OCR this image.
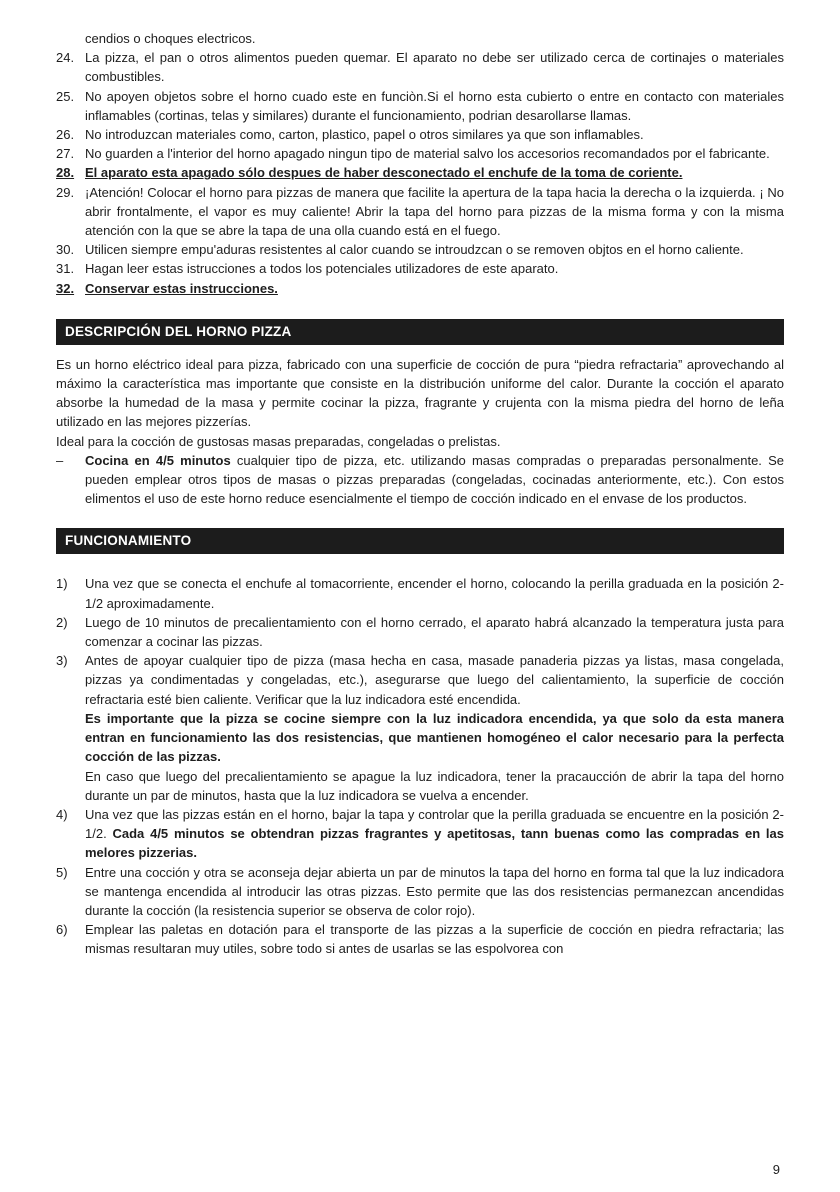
cendios o choques electricos.
24. La pizza, el pan o otros alimentos pueden quemar. El aparato no debe ser utilizado cerca de cortinajes o materiales combustibles.
25. No apoyen objetos sobre el horno cuado este en funciòn.Si el horno esta cubierto o entre en contacto con materiales inflamables (cortinas, telas y similares) durante el funcionamiento, podrian desarollarse llamas.
26. No introduzcan materiales como, carton, plastico, papel o otros similares ya que son inflamables.
27. No guarden a l'interior del horno apagado ningun tipo de material salvo los accesorios recomandados por el fabricante.
28. El aparato esta apagado sólo despues de haber desconectado el enchufe de la toma de coriente.
29. ¡Atención! Colocar el horno para pizzas de manera que facilite la apertura de la tapa hacia la derecha o la izquierda. ¡ No abrir frontalmente, el vapor es muy caliente! Abrir la tapa del horno para pizzas de la misma forma y con la misma atención con la que se abre la tapa de una olla cuando está en el fuego.
30. Utilicen siempre empu'aduras resistentes al calor cuando se introudzcan o se removen objtos en el horno caliente.
31. Hagan leer estas istrucciones a todos los potenciales utilizadores de este aparato.
32. Conservar estas instrucciones.
DESCRIPCIÓN DEL HORNO PIZZA
Es un horno eléctrico ideal para pizza, fabricado con una superficie de cocción de pura “piedra refractaria” aprovechando al máximo la característica mas importante que consiste en la distribución uniforme del calor. Durante la cocción el aparato absorbe la humedad de la masa y permite cocinar la pizza, fragrante y crujenta con la misma piedra del horno de leña utilizado en las mejores pizzerías.
Ideal para la cocción de gustosas masas preparadas, congeladas o prelistas.
–	Cocina en 4/5 minutos cualquier tipo de pizza, etc. utilizando masas compradas o preparadas personalmente. Se pueden emplear otros tipos de masas o pizzas preparadas (congeladas, cocinadas anteriormente, etc.). Con estos elimentos el uso de este horno reduce esencialmente el tiempo de cocción indicado en el envase de los productos.
FUNCIONAMIENTO
1)	Una vez que se conecta el enchufe al tomacorriente, encender el horno, colocando la perilla graduada en la posición 2-1/2 aproximadamente.
2)	Luego de 10 minutos de precalientamiento con el horno cerrado, el aparato habrá alcanzado la temperatura justa para comenzar a cocinar las pizzas.
3)	Antes de apoyar cualquier tipo de pizza (masa hecha en casa, masade panaderia pizzas ya listas, masa congelada, pizzas ya condimentadas y congeladas, etc.), asegurarse que luego del calientamiento, la superficie de cocción refractaria esté bien caliente. Verificar que la luz indicadora esté encendida.
Es importante que la pizza se cocine siempre con la luz indicadora encendida, ya que solo da esta manera entran en funcionamiento las dos resistencias, que mantienen homogéneo el calor necesario para la perfecta cocción de las pizzas.
En caso que luego del precalientamiento se apague la luz indicadora, tener la pracaucción de abrir la tapa del horno durante un par de minutos, hasta que la luz indicadora se vuelva a encender.
4)	Una vez que las pizzas están en el horno, bajar la tapa y controlar que la perilla graduada se encuentre en la posición 2-1/2. Cada 4/5 minutos se obtendran pizzas fragrantes y apetitosas, tann buenas como las compradas en las melores pizzerias.
5)	Entre una cocción y otra se aconseja dejar abierta un par de minutos la tapa del horno en forma tal que la luz indicadora se mantenga encendida al introducir las otras pizzas. Esto permite que las dos resistencias permanezcan ancendidas durante la cocción (la resistencia superior se observa de color rojo).
6)	Emplear las paletas en dotación para el transporte de las pizzas a la superficie de cocción en piedra refractaria; las mismas resultaran muy utiles, sobre todo si antes de usarlas se las espolvorea con
9
